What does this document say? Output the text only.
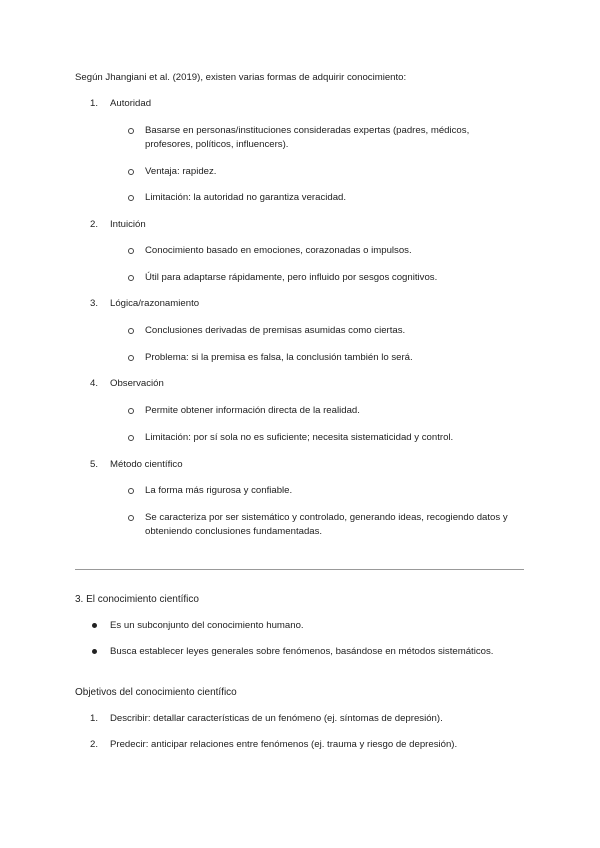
Según Jhangiani et al. (2019), existen varias formas de adquirir conocimiento:
1. Autoridad
Basarse en personas/instituciones consideradas expertas (padres, médicos,
profesores, políticos, influencers).
Ventaja: rapidez.
Limitación: la autoridad no garantiza veracidad.
2. Intuición
Conocimiento basado en emociones, corazonadas o impulsos.
Útil para adaptarse rápidamente, pero influido por sesgos cognitivos.
3. Lógica/razonamiento
Conclusiones derivadas de premisas asumidas como ciertas.
Problema: si la premisa es falsa, la conclusión también lo será.
4. Observación
Permite obtener información directa de la realidad.
Limitación: por sí sola no es suficiente; necesita sistematicidad y control.
5. Método científico
La forma más rigurosa y confiable.
Se caracteriza por ser sistemático y controlado, generando ideas, recogiendo datos y
obteniendo conclusiones fundamentadas.
3. El conocimiento científico
Es un subconjunto del conocimiento humano.
Busca establecer leyes generales sobre fenómenos, basándose en métodos sistemáticos.
Objetivos del conocimiento científico
1. Describir: detallar características de un fenómeno (ej. síntomas de depresión).
2. Predecir: anticipar relaciones entre fenómenos (ej. trauma y riesgo de depresión).
